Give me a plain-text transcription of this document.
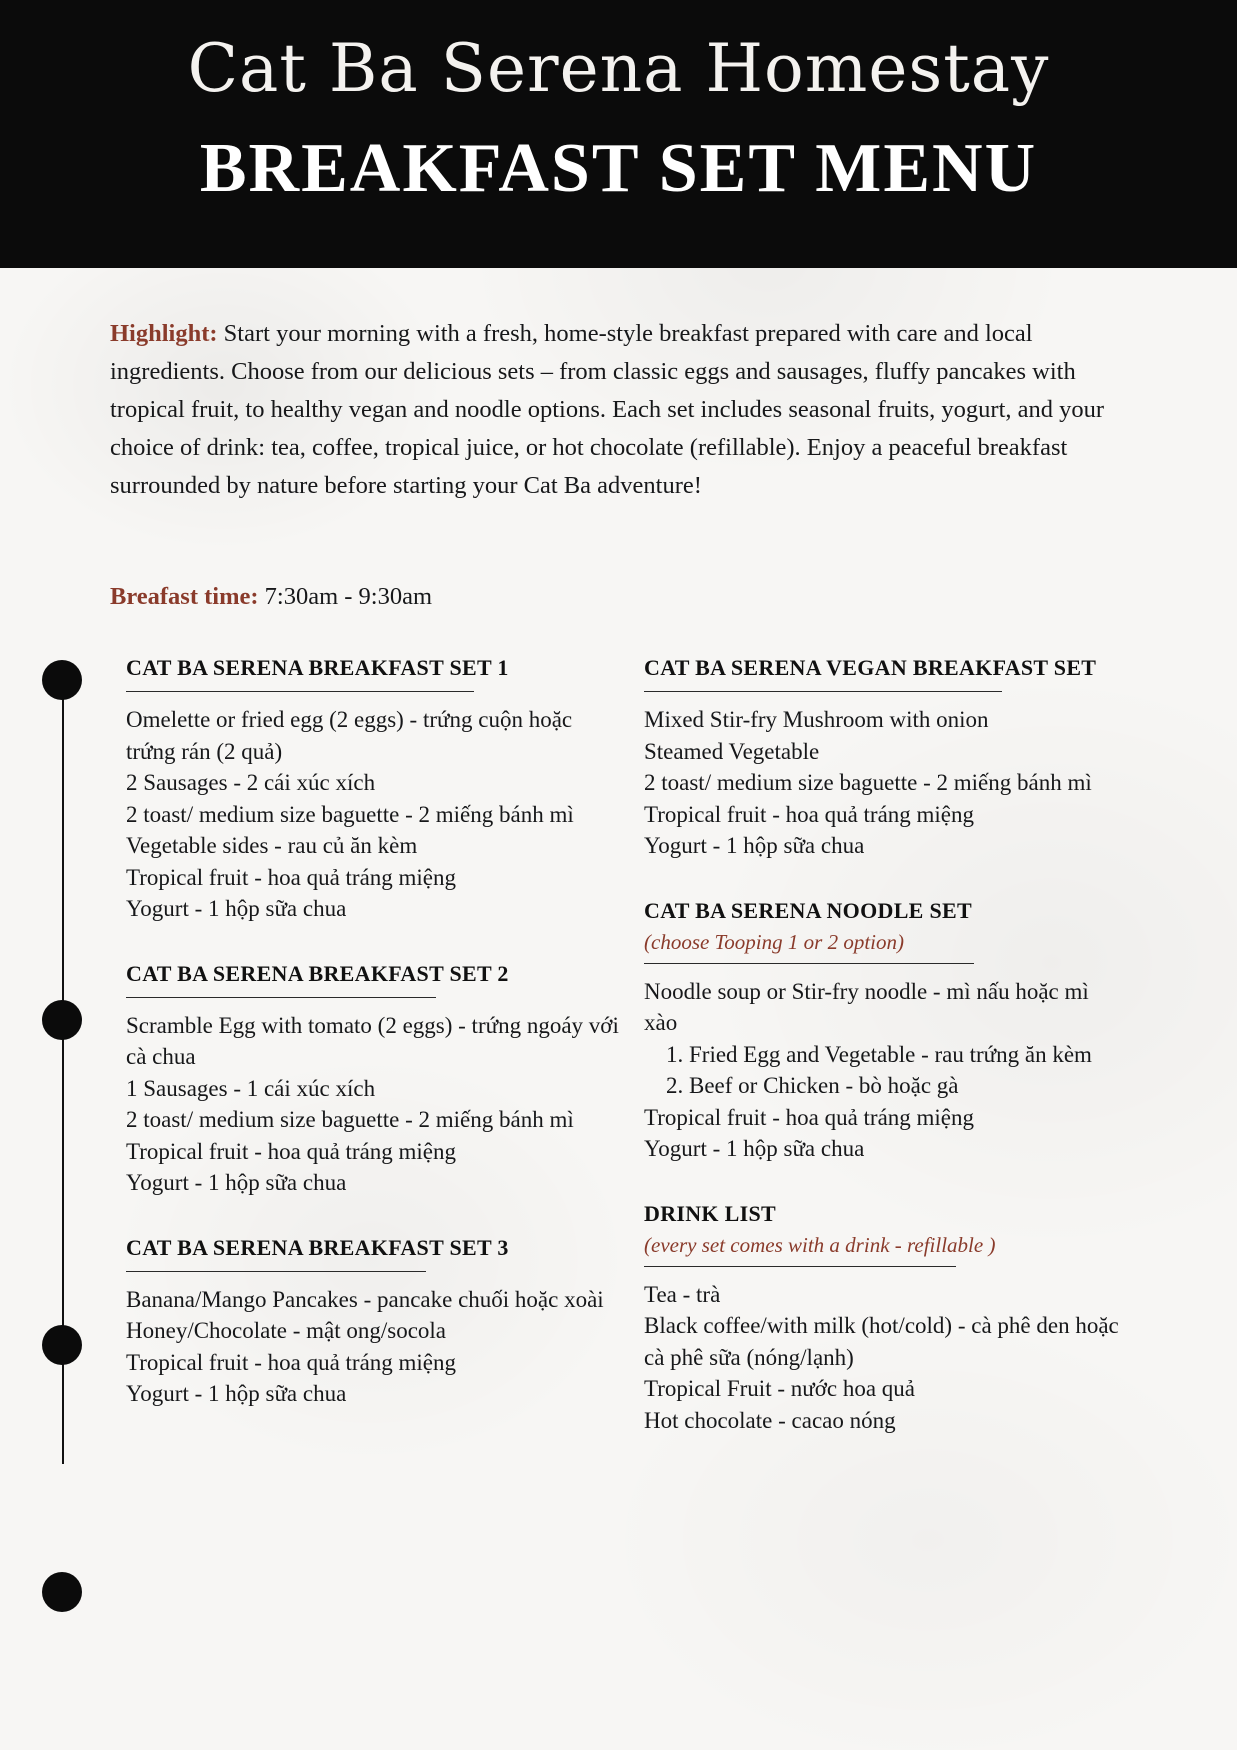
Cat Ba Serena Homestay
BREAKFAST SET MENU
Highlight: Start your morning with a fresh, home-style breakfast prepared with care and local ingredients. Choose from our delicious sets – from classic eggs and sausages, fluffy pancakes with tropical fruit, to healthy vegan and noodle options. Each set includes seasonal fruits, yogurt, and your choice of drink: tea, coffee, tropical juice, or hot chocolate (refillable). Enjoy a peaceful breakfast surrounded by nature before starting your Cat Ba adventure!
Breafast time: 7:30am - 9:30am
CAT BA SERENA BREAKFAST SET 1
Omelette or fried egg (2 eggs) - trứng cuộn hoặc trứng rán (2 quả)
2 Sausages - 2 cái xúc xích
2 toast/ medium size baguette - 2 miếng bánh mì
Vegetable sides - rau củ ăn kèm
Tropical fruit - hoa quả tráng miệng
Yogurt - 1 hộp sữa chua
CAT BA SERENA BREAKFAST SET 2
Scramble Egg with tomato (2 eggs) - trứng ngoáy với cà chua
1 Sausages - 1 cái xúc xích
2 toast/ medium size baguette - 2 miếng bánh mì
Tropical fruit - hoa quả tráng miệng
Yogurt - 1 hộp sữa chua
CAT BA SERENA BREAKFAST SET 3
Banana/Mango Pancakes - pancake chuối hoặc xoài
Honey/Chocolate - mật ong/socola
Tropical fruit - hoa quả tráng miệng
Yogurt - 1 hộp sữa chua
CAT BA SERENA VEGAN BREAKFAST SET
Mixed Stir-fry Mushroom with onion
Steamed Vegetable
2 toast/ medium size baguette - 2 miếng bánh mì
Tropical fruit - hoa quả tráng miệng
Yogurt - 1 hộp sữa chua
CAT BA SERENA NOODLE SET
(choose Tooping 1 or 2 option)
Noodle soup or Stir-fry noodle - mì nấu hoặc mì xào
1. Fried Egg and Vegetable - rau trứng ăn kèm
2. Beef or Chicken - bò hoặc gà
Tropical fruit - hoa quả tráng miệng
Yogurt - 1 hộp sữa chua
DRINK LIST
(every set comes with a drink - refillable )
Tea - trà
Black coffee/with milk (hot/cold) - cà phê den hoặc cà phê sữa (nóng/lạnh)
Tropical Fruit - nước hoa quả
Hot chocolate - cacao nóng
